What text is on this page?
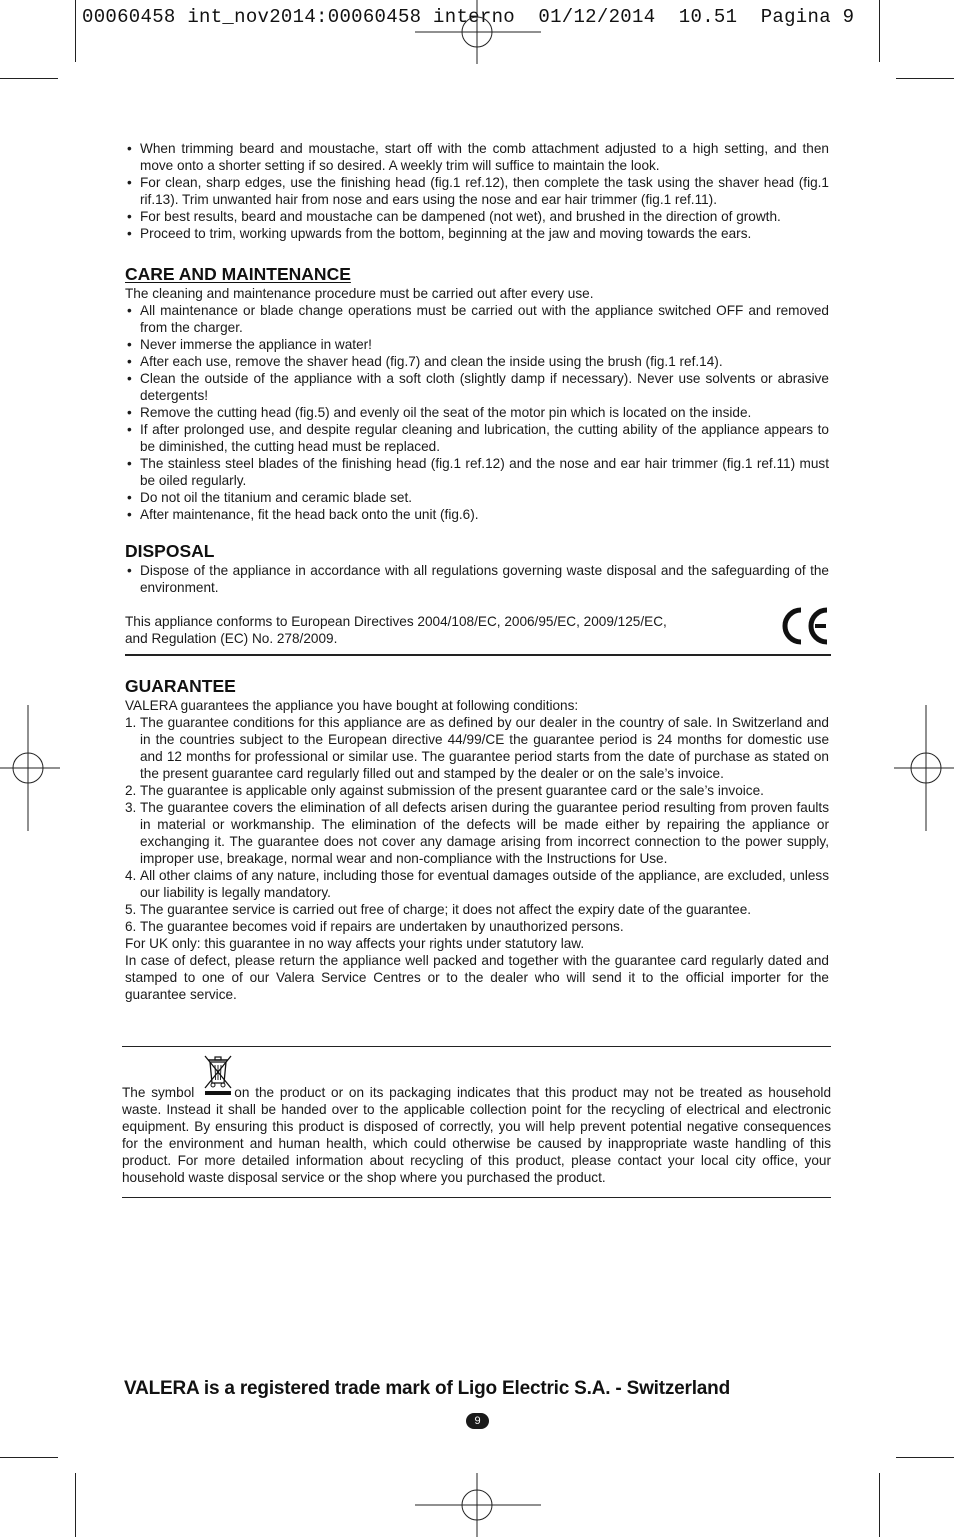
00060458 int_nov2014:00060458 interno  01/12/2014  10.51  Pagina 9
• When trimming beard and moustache, start off with the comb attachment adjusted to a high setting, and then move onto a shorter setting if so desired. A weekly trim will suffice to maintain the look.
• For clean, sharp edges, use the finishing head (fig.1 ref.12), then complete the task using the shaver head (fig.1 rif.13). Trim unwanted hair from nose and ears using the nose and ear hair trimmer (fig.1 ref.11).
• For best results, beard and moustache can be dampened (not wet), and brushed in the direction of growth.
• Proceed to trim, working upwards from the bottom, beginning at the jaw and moving towards the ears.
CARE AND MAINTENANCE

The cleaning and maintenance procedure must be carried out after every use.

• All maintenance or blade change operations must be carried out with the appliance switched OFF and removed from the charger.
• Never immerse the appliance in water!
• After each use, remove the shaver head (fig.7) and clean the inside using the brush (fig.1 ref.14).
• Clean the outside of the appliance with a soft cloth (slightly damp if necessary). Never use solvents or abrasive detergents!
• Remove the cutting head (fig.5) and evenly oil the seat of the motor pin which is located on the inside.
• If after prolonged use, and despite regular cleaning and lubrication, the cutting ability of the appliance appears to be diminished, the cutting head must be replaced.
• The stainless steel blades of the finishing head (fig.1 ref.12) and the nose and ear hair trimmer (fig.1 ref.11) must be oiled regularly.
• Do not oil the titanium and ceramic blade set.
• After maintenance, fit the head back onto the unit (fig.6).
DISPOSAL
• Dispose of the appliance in accordance with all regulations governing waste disposal and the safeguarding of the environment.

This appliance conforms to European Directives 2004/108/EC, 2006/95/EC, 2009/125/EC,

and Regulation (EC) No. 278/2009.

GUARANTEE

VALERA guarantees the appliance you have bought at following conditions:

1. The guarantee conditions for this appliance are as defined by our dealer in the country of sale. In Switzerland and in the countries subject to the European directive 44/99/CE the guarantee period is 24 months for domestic use and 12 months for professional or similar use. The guarantee period starts from the date of purchase as stated on the present guarantee card regularly filled out and stamped by the dealer or on the sale’s invoice.
2. The guarantee is applicable only against submission of the present guarantee card or the sale’s invoice.
3. The guarantee covers the elimination of all defects arisen during the guarantee period resulting from proven faults in material or workmanship. The elimination of the defects will be made either by repairing the appliance or exchanging it. The guarantee does not cover any damage arising from incorrect connection to the power supply, improper use, breakage, normal wear and non-compliance with the Instructions for Use.
4. All other claims of any nature, including those for eventual damages outside of the appliance, are excluded, unless our liability is legally mandatory.
5. The guarantee service is carried out free of charge; it does not affect the expiry date of the guarantee.
6. The guarantee becomes void if repairs are undertaken by unauthorized persons.

For UK only: this guarantee in no way affects your rights under statutory law.

In case of defect, please return the appliance well packed and together with the guarantee card regularly dated and stamped to one of our Valera Service Centres or to the dealer who will send it to the official importer for the guarantee service.

The symbol	on the product or on its packaging indicates that this product may not be treated as household waste. Instead it shall be handed over to the applicable collection point for the recycling of electrical and electronic equipment. By ensuring this product is disposed of correctly, you will help prevent potential negative consequences for the environment and human health, which could otherwise be caused by inappropriate waste handling of this product. For more detailed information about recycling of this product, please contact your local city office, your household waste disposal service or the shop where you purchased the product.

VALERA is a registered trade mark of Ligo Electric S.A. - Switzerland
9
